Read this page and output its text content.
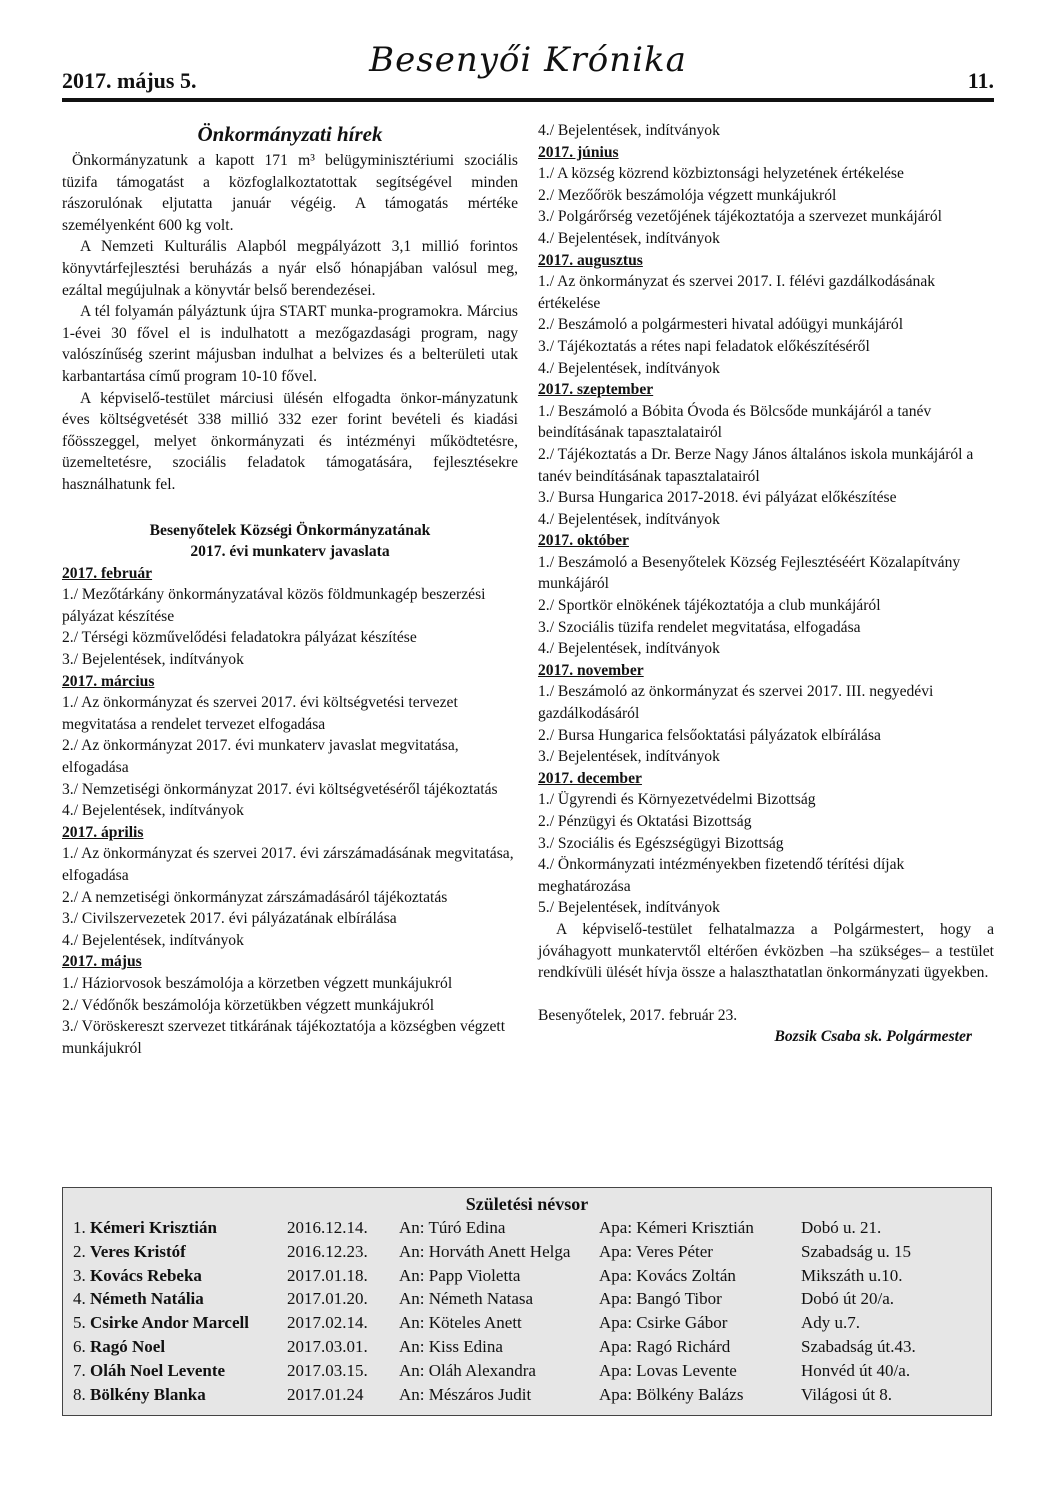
2017. május 5.
Besenyői Krónika
11.
Önkormányzati hírek

Önkormányzatunk a kapott 171 m³ belügyminisztériumi szociális tüzifa támogatást a közfoglalkoztatottak segítségével minden rászorulónak eljutatta január végéig. A támogatás mértéke személyenként 600 kg volt.

A Nemzeti Kulturális Alapból megpályázott 3,1 millió forintos könyvtárfejlesztési beruházás a nyár első hónapjában valósul meg, ezáltal megújulnak a könyvtár belső berendezései.

A tél folyamán pályáztunk újra START munka-programokra. Március 1-évei 30 fővel el is indulhatott a mezőgazdasági program, nagy valószínűség szerint májusban indulhat a belvizes és a belterületi utak karbantartása című program 10-10 fővel.

A képviselő-testület márciusi ülésén elfogadta önkor-mányzatunk éves költségvetését 338 millió 332 ezer forint bevételi és kiadási főösszeggel, melyet önkormányzati és intézményi működtetésre, üzemeltetésre, szociális feladatok támogatására, fejlesztésekre használhatunk fel.

Besenyőtelek Községi Önkormányzatának
2017. évi munkaterv javaslata
2017. február

1./ Mezőtárkány önkormányzatával közös földmunkagép beszerzési pályázat készítése

2./ Térségi közművelődési feladatokra pályázat készítése

3./ Bejelentések, indítványok

2017. március

1./ Az önkormányzat és szervei 2017. évi költségvetési tervezet megvitatása a rendelet tervezet elfogadása

2./ Az önkormányzat 2017. évi munkaterv javaslat megvitatása, elfogadása

3./ Nemzetiségi önkormányzat 2017. évi költségvetéséről tájékoztatás

4./ Bejelentések, indítványok

2017. április

1./ Az önkormányzat és szervei 2017. évi zárszámadásának megvitatása, elfogadása

2./ A nemzetiségi önkormányzat zárszámadásáról tájékoztatás

3./ Civilszervezetek 2017. évi pályázatának elbírálása

4./ Bejelentések, indítványok

2017. május

1./ Háziorvosok beszámolója a körzetben végzett munkájukról

2./ Védőnők beszámolója körzetükben végzett munkájukról

3./ Vöröskereszt szervezet titkárának tájékoztatója a községben végzett munkájukról

4./ Bejelentések, indítványok

2017. június

1./ A község közrend közbiztonsági helyzetének értékelése

2./ Mezőőrök beszámolója végzett munkájukról

3./ Polgárőrség vezetőjének tájékoztatója a szervezet munkájáról

4./ Bejelentések, indítványok

2017. augusztus

1./ Az önkormányzat és szervei 2017. I. félévi gazdálkodásának értékelése

2./ Beszámoló a polgármesteri hivatal adóügyi munkájáról

3./ Tájékoztatás a rétes napi feladatok előkészítéséről

4./ Bejelentések, indítványok

2017. szeptember

1./ Beszámoló a Bóbita Óvoda és Bölcsőde munkájáról a tanév beindításának tapasztalatairól

2./ Tájékoztatás a Dr. Berze Nagy János általános iskola munkájáról a tanév beindításának tapasztalatairól

3./ Bursa Hungarica 2017-2018. évi pályázat előkészítése

4./ Bejelentések, indítványok

2017. október

1./ Beszámoló a Besenyőtelek Község Fejlesztéséért Közalapítvány munkájáról

2./ Sportkör elnökének tájékoztatója a club munkájáról

3./ Szociális tüzifa rendelet megvitatása, elfogadása

4./ Bejelentések, indítványok

2017. november

1./ Beszámoló az önkormányzat és szervei 2017. III. negyedévi gazdálkodásáról

2./ Bursa Hungarica felsőoktatási pályázatok elbírálása

3./ Bejelentések, indítványok

2017. december

1./ Ügyrendi és Környezetvédelmi Bizottság

2./ Pénzügyi és Oktatási Bizottság

3./ Szociális és Egészségügyi Bizottság

4./ Önkormányzati intézményekben fizetendő térítési díjak meghatározása

5./ Bejelentések, indítványok

A képviselő-testület felhatalmazza a Polgármestert, hogy a jóváhagyott munkatervtől eltérően évközben –ha szükséges– a testület rendkívüli ülését hívja össze a halaszthatatlan önkormányzati ügyekben.

Besenyőtelek, 2017. február 23.
Bozsik Csaba sk. Polgármester
Születési névsor
1. Kémeri Krisztián	2016.12.14. An: Túró Edina	Apa: Kémeri Krisztián	Dobó u. 21.
2. Veres Kristóf	2016.12.23. An: Horváth Anett Helga Apa: Veres Péter	Szabadság u. 15
3. Kovács Rebeka	2017.01.18. An: Papp Violetta	Apa: Kovács Zoltán	Mikszáth u.10.
4. Németh Natália	2017.01.20. An: Németh Natasa	Apa: Bangó Tibor	Dobó út 20/a.
5. Csirke Andor Marcell 2017.02.14. An: Köteles Anett	Apa: Csirke Gábor	Ady u.7.
6. Ragó Noel	2017.03.01. An: Kiss Edina	Apa: Ragó Richárd	Szabadság út.43.
7. Oláh Noel Levente	2017.03.15. An: Oláh Alexandra	Apa: Lovas Levente	Honvéd út 40/a.
8. Bölkény Blanka	2017.01.24 An: Mészáros Judit	Apa: Bölkény Balázs	Világosi út 8.
